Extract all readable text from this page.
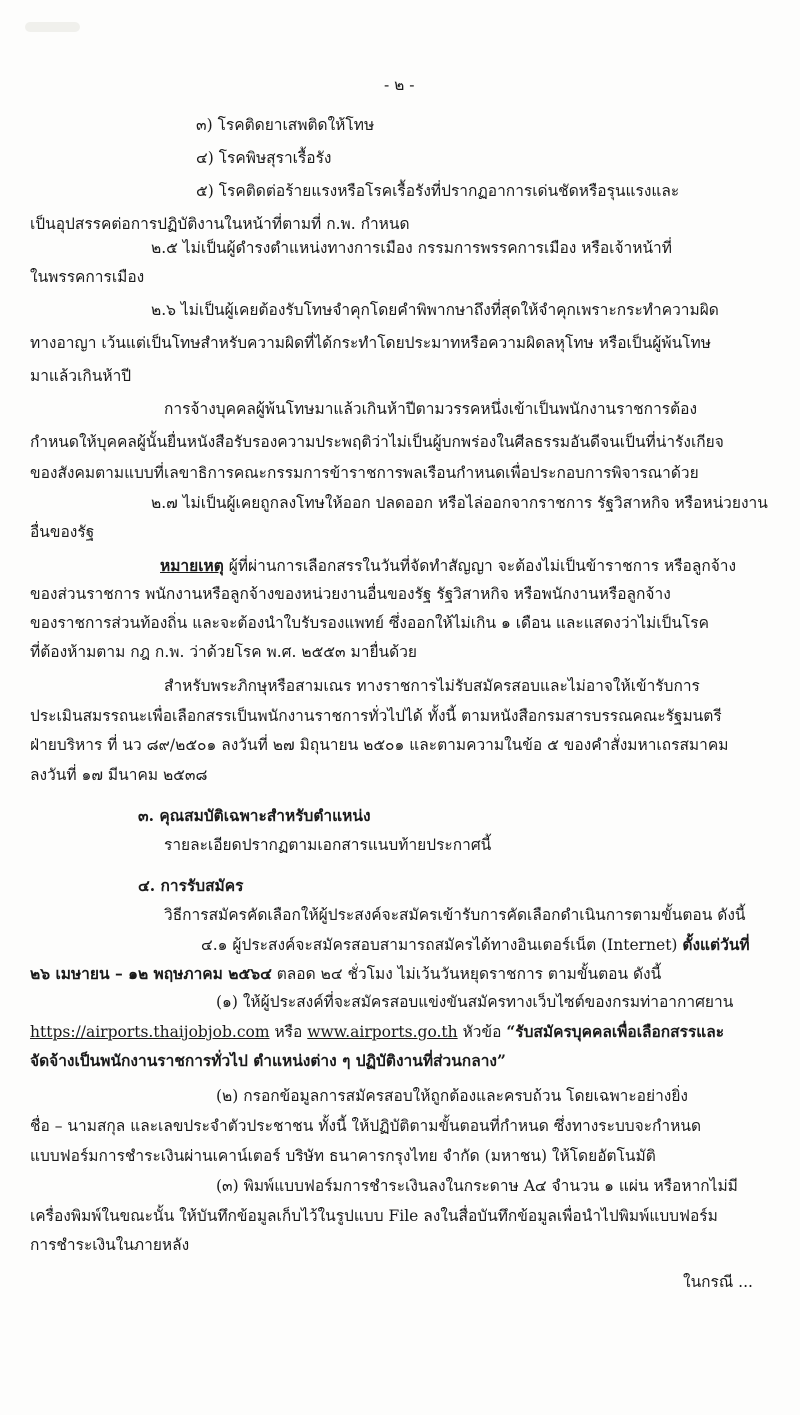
- ๒ -
๓) โรคติดยาเสพติดให้โทษ
๔) โรคพิษสุราเรื้อรัง
๕) โรคติดต่อร้ายแรงหรือโรคเรื้อรังที่ปรากฏอาการเด่นชัดหรือรุนแรงและ
เป็นอุปสรรคต่อการปฏิบัติงานในหน้าที่ตามที่ ก.พ. กำหนด
๒.๕ ไม่เป็นผู้ดำรงตำแหน่งทางการเมือง กรรมการพรรคการเมือง หรือเจ้าหน้าที่
ในพรรคการเมือง
๒.๖ ไม่เป็นผู้เคยต้องรับโทษจำคุกโดยคำพิพากษาถึงที่สุดให้จำคุกเพราะกระทำความผิด
ทางอาญา เว้นแต่เป็นโทษสำหรับความผิดที่ได้กระทำโดยประมาทหรือความผิดลหุโทษ หรือเป็นผู้พ้นโทษ
มาแล้วเกินห้าปี
การจ้างบุคคลผู้พ้นโทษมาแล้วเกินห้าปีตามวรรคหนึ่งเข้าเป็นพนักงานราชการต้อง
กำหนดให้บุคคลผู้นั้นยื่นหนังสือรับรองความประพฤติว่าไม่เป็นผู้บกพร่องในศีลธรรมอันดีจนเป็นที่น่ารังเกียจ
ของสังคมตามแบบที่เลขาธิการคณะกรรมการข้าราชการพลเรือนกำหนดเพื่อประกอบการพิจารณาด้วย
๒.๗ ไม่เป็นผู้เคยถูกลงโทษให้ออก ปลดออก หรือไล่ออกจากราชการ รัฐวิสาหกิจ หรือหน่วยงาน
อื่นของรัฐ
หมายเหตุ ผู้ที่ผ่านการเลือกสรรในวันที่จัดทำสัญญา จะต้องไม่เป็นข้าราชการ หรือลูกจ้าง
ของส่วนราชการ พนักงานหรือลูกจ้างของหน่วยงานอื่นของรัฐ รัฐวิสาหกิจ หรือพนักงานหรือลูกจ้าง
ของราชการส่วนท้องถิ่น และจะต้องนำใบรับรองแพทย์ ซึ่งออกให้ไม่เกิน ๑ เดือน และแสดงว่าไม่เป็นโรค
ที่ต้องห้ามตาม กฎ ก.พ. ว่าด้วยโรค พ.ศ. ๒๕๕๓ มายื่นด้วย
สำหรับพระภิกษุหรือสามเณร ทางราชการไม่รับสมัครสอบและไม่อาจให้เข้ารับการ
ประเมินสมรรถนะเพื่อเลือกสรรเป็นพนักงานราชการทั่วไปได้ ทั้งนี้ ตามหนังสือกรมสารบรรณคณะรัฐมนตรี
ฝ่ายบริหาร ที่ นว ๘๙/๒๕๐๑ ลงวันที่ ๒๗ มิถุนายน ๒๕๐๑ และตามความในข้อ ๕ ของคำสั่งมหาเถรสมาคม
ลงวันที่ ๑๗ มีนาคม ๒๕๓๘
๓. คุณสมบัติเฉพาะสำหรับตำแหน่ง
รายละเอียดปรากฏตามเอกสารแนบท้ายประกาศนี้
๔. การรับสมัคร
วิธีการสมัครคัดเลือกให้ผู้ประสงค์จะสมัครเข้ารับการคัดเลือกดำเนินการตามขั้นตอน ดังนี้
๔.๑ ผู้ประสงค์จะสมัครสอบสามารถสมัครได้ทางอินเตอร์เน็ต (Internet) ตั้งแต่วันที่
๒๖ เมษายน – ๑๒ พฤษภาคม ๒๕๖๔ ตลอด ๒๔ ชั่วโมง ไม่เว้นวันหยุดราชการ ตามขั้นตอน ดังนี้
(๑) ให้ผู้ประสงค์ที่จะสมัครสอบแข่งขันสมัครทางเว็บไซต์ของกรมท่าอากาศยาน
https://airports.thaijobjob.com หรือ www.airports.go.th หัวข้อ “รับสมัครบุคคลเพื่อเลือกสรรและ
จัดจ้างเป็นพนักงานราชการทั่วไป ตำแหน่งต่าง ๆ ปฏิบัติงานที่ส่วนกลาง”
(๒) กรอกข้อมูลการสมัครสอบให้ถูกต้องและครบถ้วน โดยเฉพาะอย่างยิ่ง
ชื่อ – นามสกุล และเลขประจำตัวประชาชน ทั้งนี้ ให้ปฏิบัติตามขั้นตอนที่กำหนด ซึ่งทางระบบจะกำหนด
แบบฟอร์มการชำระเงินผ่านเคาน์เตอร์ บริษัท ธนาคารกรุงไทย จำกัด (มหาชน) ให้โดยอัตโนมัติ
(๓) พิมพ์แบบฟอร์มการชำระเงินลงในกระดาษ A๔ จำนวน ๑ แผ่น หรือหากไม่มี
เครื่องพิมพ์ในขณะนั้น ให้บันทึกข้อมูลเก็บไว้ในรูปแบบ File ลงในสื่อบันทึกข้อมูลเพื่อนำไปพิมพ์แบบฟอร์ม
การชำระเงินในภายหลัง
ในกรณี ...
